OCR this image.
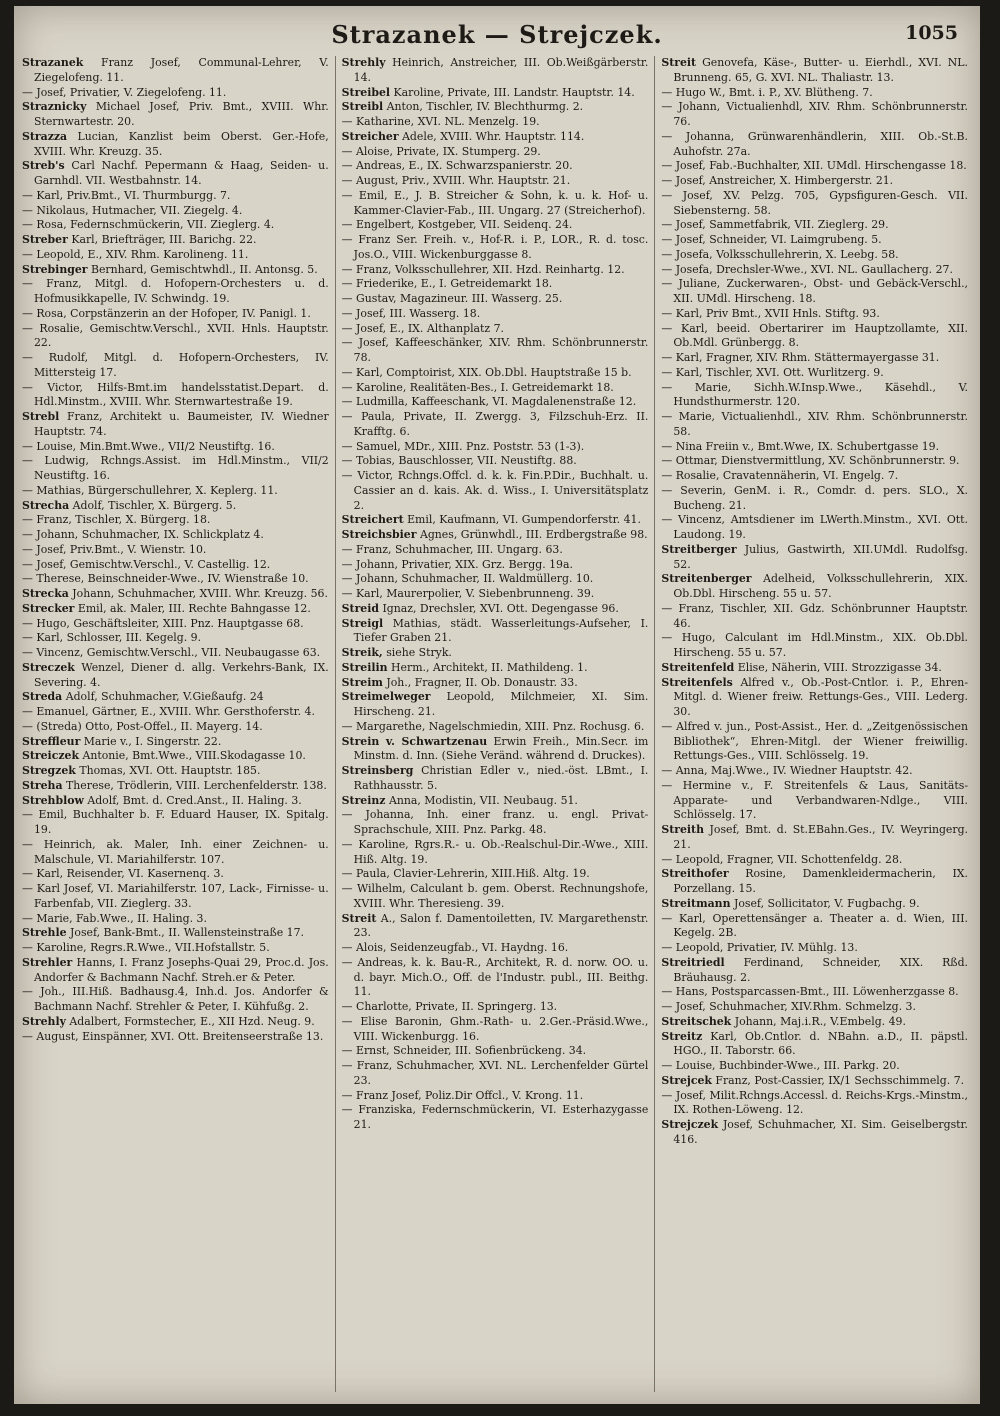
Strazanek — Strejczek.	1055

Strazanek Franz Josef, Communal-Lehrer, V. Ziegelofeng. 11.

— Josef, Privatier, V. Ziegelofeng. 11.

Straznicky Michael Josef, Priv. Bmt., XVIII. Whr. Sternwartestr. 20.

Strazza Lucian, Kanzlist beim Oberst. Ger.-Hofe, XVIII. Whr. Kreuzg. 35.

Streb's Carl Nachf. Pepermann & Haag, Seiden- u. Garnhdl. VII. Westbahnstr. 14.

— Karl, Priv.Bmt., VI. Thurmburgg. 7.

— Nikolaus, Hutmacher, VII. Ziegelg. 4.

— Rosa, Federnschmückerin, VII. Zieglerg. 4.

Streber Karl, Briefträger, III. Barichg. 22.

— Leopold, E., XIV. Rhm. Karolineng. 11.

Strebinger Bernhard, Gemischtwhdl., II. Antonsg. 5.

— Franz, Mitgl. d. Hofopern-Orchesters u. d. Hofmusikkapelle, IV. Schwindg. 19.

— Rosa, Corpstänzerin an der Hofoper, IV. Panigl. 1.

— Rosalie, Gemischtw.Verschl., XVII. Hnls. Hauptstr. 22.

— Rudolf, Mitgl. d. Hofopern-Orchesters, IV. Mittersteig 17.

— Victor, Hilfs-Bmt.im handelsstatist.Depart. d. Hdl.Minstm., XVIII. Whr. Sternwartestraße 19.

Strebl Franz, Architekt u. Baumeister, IV. Wiedner Hauptstr. 74.

— Louise, Min.Bmt.Wwe., VII/2 Neustiftg. 16.

— Ludwig, Rchngs.Assist. im Hdl.Minstm., VII/2 Neustiftg. 16.

— Mathias, Bürgerschullehrer, X. Keplerg. 11.

Strecha Adolf, Tischler, X. Bürgerg. 5.

— Franz, Tischler, X. Bürgerg. 18.

— Johann, Schuhmacher, IX. Schlickplatz 4.

— Josef, Priv.Bmt., V. Wienstr. 10.

— Josef, Gemischtw.Verschl., V. Castellig. 12.

— Therese, Beinschneider-Wwe., IV. Wienstraße 10.

Strecka Johann, Schuhmacher, XVIII. Whr. Kreuzg. 56.

Strecker Emil, ak. Maler, III. Rechte Bahngasse 12.

— Hugo, Geschäftsleiter, XIII. Pnz. Hauptgasse 68.

— Karl, Schlosser, III. Kegelg. 9.

— Vincenz, Gemischtw.Verschl., VII. Neubaugasse 63.

Streczek Wenzel, Diener d. allg. Verkehrs-Bank, IX. Severing. 4.

Streda Adolf, Schuhmacher, V.Gießaufg. 24

— Emanuel, Gärtner, E., XVIII. Whr. Gersthoferstr. 4.

— (Streda) Otto, Post-Offel., II. Mayerg. 14.

Streffleur Marie v., I. Singerstr. 22.

Streiczek Antonie, Bmt.Wwe., VIII.Skodagasse 10.

Stregzek Thomas, XVI. Ott. Hauptstr. 185.

Streha Therese, Trödlerin, VIII. Lerchenfelderstr. 138.

Strehblow Adolf, Bmt. d. Cred.Anst., II. Haling. 3.

— Emil, Buchhalter b. F. Eduard Hauser, IX. Spitalg. 19.

— Heinrich, ak. Maler, Inh. einer Zeichnen- u. Malschule, VI. Mariahilferstr. 107.

— Karl, Reisender, VI. Kasernenq. 3.

— Karl Josef, VI. Mariahilferstr. 107, Lack-, Firnisse- u. Farbenfab, VII. Zieglerg. 33.

— Marie, Fab.Wwe., II. Haling. 3.

Strehle Josef, Bank-Bmt., II. Wallensteinstraße 17.

— Karoline, Regrs.R.Wwe., VII.Hofstallstr. 5.

Strehler Hanns, I. Franz Josephs-Quai 29, Proc.d. Jos. Andorfer & Bachmann Nachf. Streh.er & Peter.

— Joh., III.Hiß. Badhausg.4, Inh.d. Jos. Andorfer & Bachmann Nachf. Strehler & Peter, I. Kühfußg. 2.

Strehly Adalbert, Formstecher, E., XII Hzd. Neug. 9.

— August, Einspänner, XVI. Ott. Breitenseerstraße 13.

Strehly Heinrich, Anstreicher, III. Ob.Weißgärberstr. 14.

Streibel Karoline, Private, III. Landstr. Hauptstr. 14.

Streibl Anton, Tischler, IV. Blechthurmg. 2.

— Katharine, XVI. NL. Menzelg. 19.

Streicher Adele, XVIII. Whr. Hauptstr. 114.

— Aloise, Private, IX. Stumperg. 29.

— Andreas, E., IX. Schwarzspanierstr. 20.

— August, Priv., XVIII. Whr. Hauptstr. 21.

— Emil, E., J. B. Streicher & Sohn, k. u. k. Hof- u. Kammer-Clavier-Fab., III. Ungarg. 27 (Streicherhof).

— Engelbert, Kostgeber, VII. Seidenq. 24.

— Franz Ser. Freih. v., Hof-R. i. P., LOR., R. d. tosc. Jos.O., VIII. Wickenburggasse 8.

— Franz, Volksschullehrer, XII. Hzd. Reinhartg. 12.

— Friederike, E., I. Getreidemarkt 18.

— Gustav, Magazineur. III. Wasserg. 25.

— Josef, III. Wasserg. 18.

— Josef, E., IX. Althanplatz 7.

— Josef, Kaffeeschänker, XIV. Rhm. Schönbrunnerstr. 78.

— Karl, Comptoirist, XIX. Ob.Dbl. Hauptstraße 15 b.

— Karoline, Realitäten-Bes., I. Getreidemarkt 18.

— Ludmilla, Kaffeeschank, VI. Magdalenenstraße 12.

— Paula, Private, II. Zwergg. 3, Filzschuh-Erz. II. Krafftg. 6.

— Samuel, MDr., XIII. Pnz. Poststr. 53 (1-3).

— Tobias, Bauschlosser, VII. Neustiftg. 88.

— Victor, Rchngs.Offcl. d. k. k. Fin.P.Dir., Buchhalt. u. Cassier an d. kais. Ak. d. Wiss., I. Universitätsplatz 2.

Streichert Emil, Kaufmann, VI. Gumpendorferstr. 41.

Streichsbier Agnes, Grünwhdl., III. Erdbergstraße 98.

— Franz, Schuhmacher, III. Ungarg. 63.

— Johann, Privatier, XIX. Grz. Bergg. 19a.

— Johann, Schuhmacher, II. Waldmüllerg. 10.

— Karl, Maurerpolier, V. Siebenbrunneng. 39.

Streid Ignaz, Drechsler, XVI. Ott. Degengasse 96.

Streigl Mathias, städt. Wasserleitungs-Aufseher, I. Tiefer Graben 21.

Streik, siehe Stryk.

Streilin Herm., Architekt, II. Mathildeng. 1.

Streim Joh., Fragner, II. Ob. Donaustr. 33.

Streimelweger Leopold, Milchmeier, XI. Sim. Hirscheng. 21.

— Margarethe, Nagelschmiedin, XIII. Pnz. Rochusg. 6.

Strein v. Schwartzenau Erwin Freih., Min.Secr. im Minstm. d. Inn. (Siehe Veränd. während d. Druckes).

Streinsberg Christian Edler v., nied.-öst. LBmt., I. Rathhausstr. 5.

Streinz Anna, Modistin, VII. Neubaug. 51.

— Johanna, Inh. einer franz. u. engl. Privat-Sprachschule, XIII. Pnz. Parkg. 48.

— Karoline, Rgrs.R.- u. Ob.-Realschul-Dir.-Wwe., XIII. Hiß. Altg. 19.

— Paula, Clavier-Lehrerin, XIII.Hiß. Altg. 19.

— Wilhelm, Calculant b. gem. Oberst. Rechnungshofe, XVIII. Whr. Theresieng. 39.

Streit A., Salon f. Damentoiletten, IV. Margarethenstr. 23.

— Alois, Seidenzeugfab., VI. Haydng. 16.

— Andreas, k. k. Bau-R., Architekt, R. d. norw. OO. u. d. bayr. Mich.O., Off. de l'Industr. publ., III. Beithg. 11.

— Charlotte, Private, II. Springerg. 13.

— Elise Baronin, Ghm.-Rath- u. 2.Ger.-Präsid.Wwe., VIII. Wickenburgg. 16.

— Ernst, Schneider, III. Sofienbrückeng. 34.

— Franz, Schuhmacher, XVI. NL. Lerchenfelder Gürtel 23.

— Franz Josef, Poliz.Dir Offcl., V. Krong. 11.

— Franziska, Federnschmückerin, VI. Esterhazygasse 21.

Streit Genovefa, Käse-, Butter- u. Eierhdl., XVI. NL. Brunneng. 65, G. XVI. NL. Thaliastr. 13.

— Hugo W., Bmt. i. P., XV. Blütheng. 7.

— Johann, Victualienhdl, XIV. Rhm. Schönbrunnerstr. 76.

— Johanna, Grünwarenhändlerin, XIII. Ob.-St.B. Auhofstr. 27a.

— Josef, Fab.-Buchhalter, XII. UMdl. Hirschengasse 18.

— Josef, Anstreicher, X. Himbergerstr. 21.

— Josef, XV. Pelzg. 705, Gypsfiguren-Gesch. VII. Siebensterng. 58.

— Josef, Sammetfabrik, VII. Zieglerg. 29.

— Josef, Schneider, VI. Laimgrubeng. 5.

— Josefa, Volksschullehrerin, X. Leebg. 58.

— Josefa, Drechsler-Wwe., XVI. NL. Gaullacherg. 27.

— Juliane, Zuckerwaren-, Obst- und Gebäck-Verschl., XII. UMdl. Hirscheng. 18.

— Karl, Priv Bmt., XVII Hnls. Stiftg. 93.

— Karl, beeid. Obertarirer im Hauptzollamte, XII. Ob.Mdl. Grünbergg. 8.

— Karl, Fragner, XIV. Rhm. Stättermayergasse 31.

— Karl, Tischler, XVI. Ott. Wurlitzerg. 9.

— Marie, Sichh.W.Insp.Wwe., Käsehdl., V. Hundsthurmerstr. 120.

— Marie, Victualienhdl., XIV. Rhm. Schönbrunnerstr. 58.

— Nina Freiin v., Bmt.Wwe, IX. Schubertgasse 19.

— Ottmar, Dienstvermittlung, XV. Schönbrunnerstr. 9.

— Rosalie, Cravatennäherin, VI. Engelg. 7.

— Severin, GenM. i. R., Comdr. d. pers. SLO., X. Bucheng. 21.

— Vincenz, Amtsdiener im LWerth.Minstm., XVI. Ott. Laudong. 19.

Streitberger Julius, Gastwirth, XII.UMdl. Rudolfsg. 52.

Streitenberger Adelheid, Volksschullehrerin, XIX. Ob.Dbl. Hirscheng. 55 u. 57.

— Franz, Tischler, XII. Gdz. Schönbrunner Hauptstr. 46.

— Hugo, Calculant im Hdl.Minstm., XIX. Ob.Dbl. Hirscheng. 55 u. 57.

Streitenfeld Elise, Näherin, VIII. Strozzigasse 34.

Streitenfels Alfred v., Ob.-Post-Cntlor. i. P., Ehren-Mitgl. d. Wiener freiw. Rettungs-Ges., VIII. Lederg. 30.

— Alfred v. jun., Post-Assist., Her. d. „Zeitgenössischen Bibliothek“, Ehren-Mitgl. der Wiener freiwillig. Rettungs-Ges., VIII. Schlösselg. 19.

— Anna, Maj.Wwe., IV. Wiedner Hauptstr. 42.

— Hermine v., F. Streitenfels & Laus, Sanitäts-Apparate- und Verbandwaren-Ndlge., VIII. Schlösselg. 17.

Streith Josef, Bmt. d. St.EBahn.Ges., IV. Weyringerg. 21.

— Leopold, Fragner, VII. Schottenfeldg. 28.

Streithofer Rosine, Damenkleidermacherin, IX. Porzellang. 15.

Streitmann Josef, Sollicitator, V. Fugbachg. 9.

— Karl, Operettensänger a. Theater a. d. Wien, III. Kegelg. 2B.

— Leopold, Privatier, IV. Mühlg. 13.

Streitriedl Ferdinand, Schneider, XIX. Rßd. Bräuhausg. 2.

— Hans, Postsparcassen-Bmt., III. Löwenherzgasse 8.

— Josef, Schuhmacher, XIV.Rhm. Schmelzg. 3.

Streitschek Johann, Maj.i.R., V.Embelg. 49.

Streitz Karl, Ob.Cntlor. d. NBahn. a.D., II. päpstl. HGO., II. Taborstr. 66.

— Louise, Buchbinder-Wwe., III. Parkg. 20.

Strejcek Franz, Post-Cassier, IX/1 Sechsschimmelg. 7.

— Josef, Milit.Rchngs.Accessl. d. Reichs-Krgs.-Minstm., IX. Rothen-Löweng. 12.

Strejczek Josef, Schuhmacher, XI. Sim. Geiselbergstr. 416.
